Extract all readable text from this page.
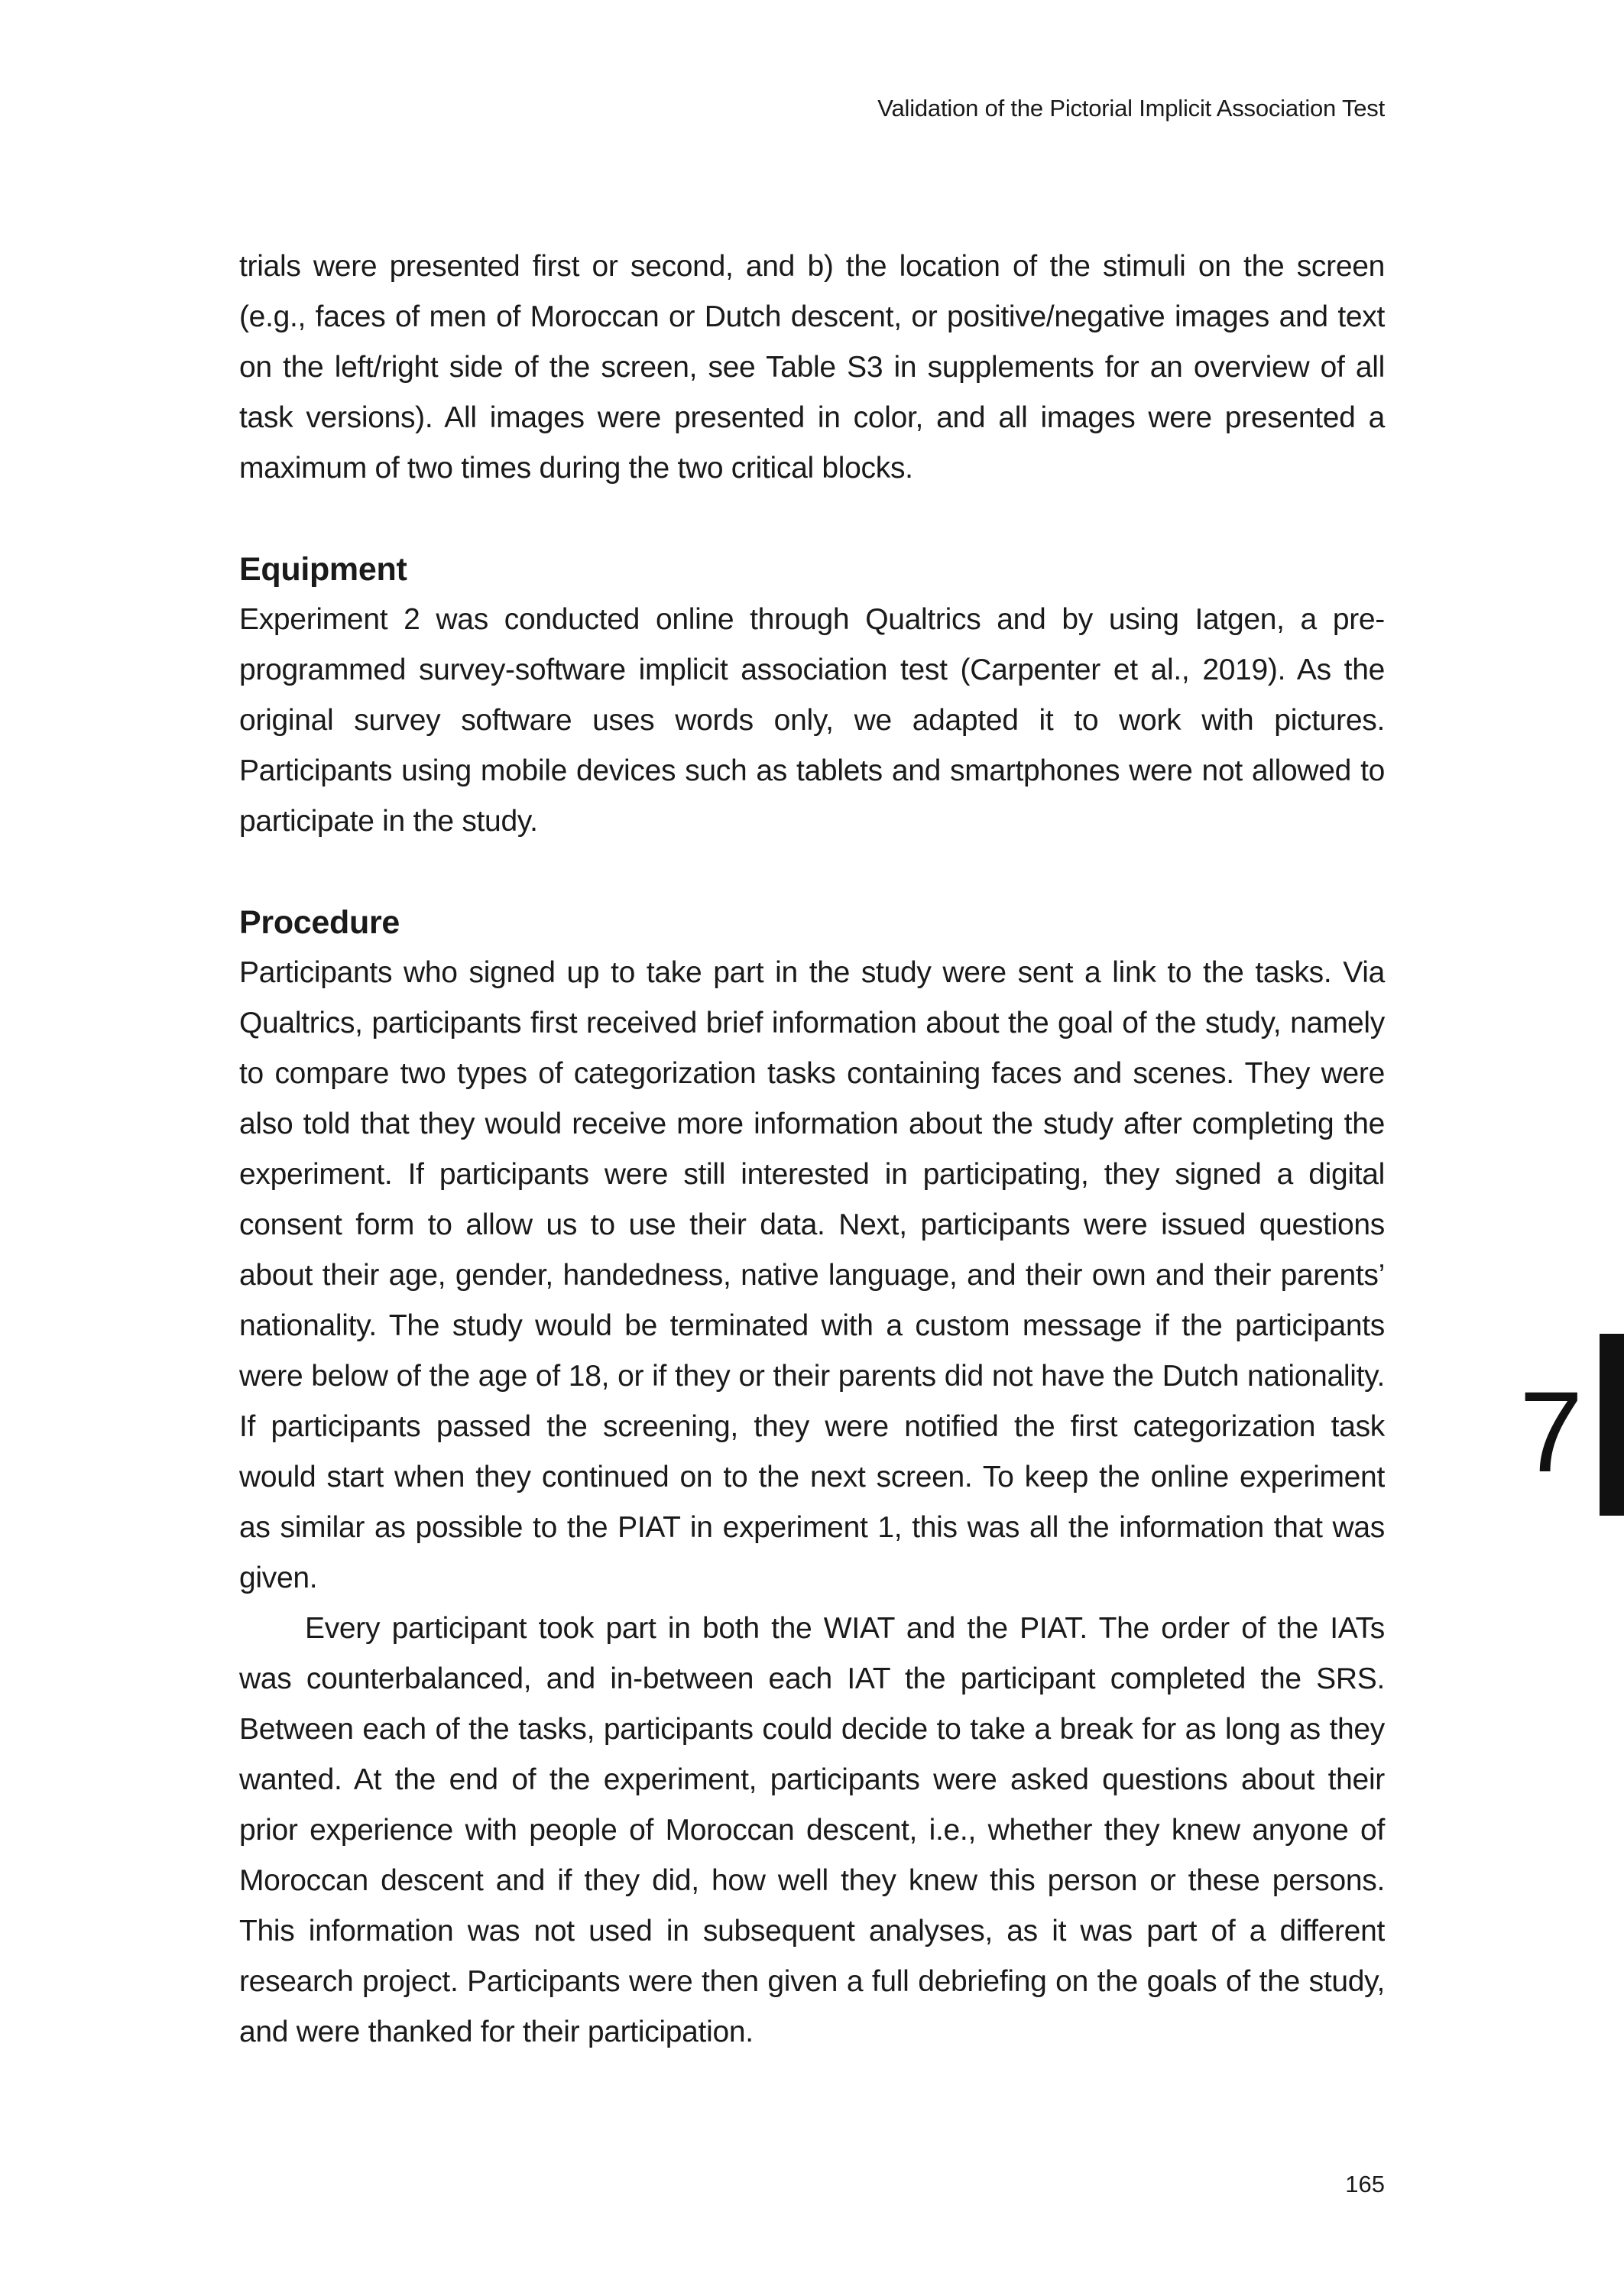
Validation of the Pictorial Implicit Association Test

trials were presented first or second, and b) the location of the stimuli on the screen (e.g., faces of men of Moroccan or Dutch descent, or positive/negative images and text on the left/right side of the screen, see Table S3 in supplements for an overview of all task versions). All images were presented in color, and all images were presented a maximum of two times during the two critical blocks.

Equipment

Experiment 2 was conducted online through Qualtrics and by using Iatgen, a pre-programmed survey-software implicit association test (Carpenter et al., 2019). As the original survey software uses words only, we adapted it to work with pictures. Participants using mobile devices such as tablets and smartphones were not allowed to participate in the study.

Procedure

Participants who signed up to take part in the study were sent a link to the tasks. Via Qualtrics, participants first received brief information about the goal of the study, namely to compare two types of categorization tasks containing faces and scenes. They were also told that they would receive more information about the study after completing the experiment. If participants were still interested in participating, they signed a digital consent form to allow us to use their data. Next, participants were issued questions about their age, gender, handedness, native language, and their own and their parents’ nationality. The study would be terminated with a custom message if the participants were below of the age of 18, or if they or their parents did not have the Dutch nationality. If participants passed the screening, they were notified the first categorization task would start when they continued on to the next screen. To keep the online experiment as similar as possible to the PIAT in experiment 1, this was all the information that was given.

Every participant took part in both the WIAT and the PIAT. The order of the IATs was counterbalanced, and in-between each IAT the participant completed the SRS. Between each of the tasks, participants could decide to take a break for as long as they wanted. At the end of the experiment, participants were asked questions about their prior experience with people of Moroccan descent, i.e., whether they knew anyone of Moroccan descent and if they did, how well they knew this person or these persons. This information was not used in subsequent analyses, as it was part of a different research project. Participants were then given a full debriefing on the goals of the study, and were thanked for their participation.

7
165
